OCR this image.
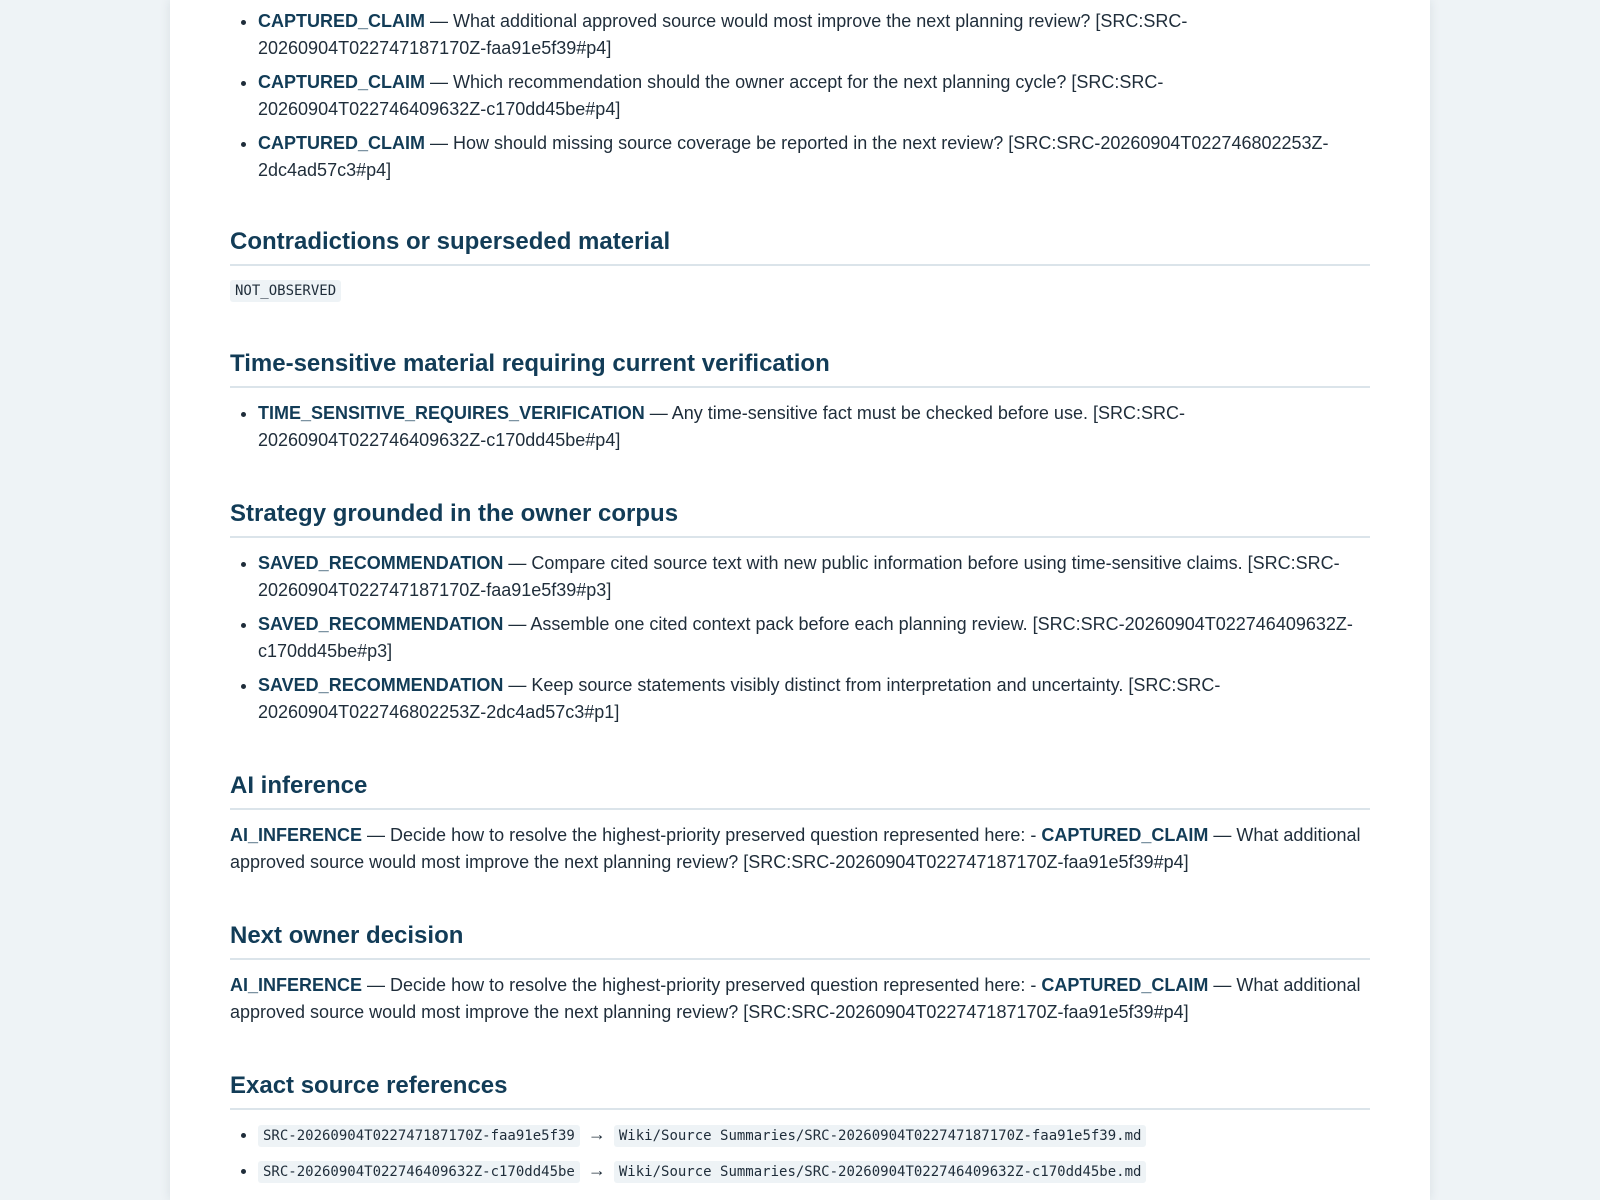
• CAPTURED_CLAIM — What additional approved source would most improve the next planning review? [SRC:SRC-20260904T022747187170Z-faa91e5f39#p4]
• CAPTURED_CLAIM — Which recommendation should the owner accept for the next planning cycle? [SRC:SRC-20260904T022746409632Z-c170dd45be#p4]
• CAPTURED_CLAIM — How should missing source coverage be reported in the next review? [SRC:SRC-20260904T022746802253Z-2dc4ad57c3#p4]
Contradictions or superseded material
NOT_OBSERVED
Time-sensitive material requiring current verification
• TIME_SENSITIVE_REQUIRES_VERIFICATION — Any time-sensitive fact must be checked before use. [SRC:SRC-20260904T022746409632Z-c170dd45be#p4]
Strategy grounded in the owner corpus
• SAVED_RECOMMENDATION — Compare cited source text with new public information before using time-sensitive claims. [SRC:SRC-20260904T022747187170Z-faa91e5f39#p3]
• SAVED_RECOMMENDATION — Assemble one cited context pack before each planning review. [SRC:SRC-20260904T022746409632Z-c170dd45be#p3]
• SAVED_RECOMMENDATION — Keep source statements visibly distinct from interpretation and uncertainty. [SRC:SRC-20260904T022746802253Z-2dc4ad57c3#p1]
AI inference

AI_INFERENCE — Decide how to resolve the highest-priority preserved question represented here: - CAPTURED_CLAIM — What additional approved source would most improve the next planning review? [SRC:SRC-20260904T022747187170Z-faa91e5f39#p4]

Next owner decision

AI_INFERENCE — Decide how to resolve the highest-priority preserved question represented here: - CAPTURED_CLAIM — What additional approved source would most improve the next planning review? [SRC:SRC-20260904T022747187170Z-faa91e5f39#p4]

Exact source references
• SRC-20260904T022747187170Z-faa91e5f39 → Wiki/Source Summaries/SRC-20260904T022747187170Z-faa91e5f39.md
• SRC-20260904T022746409632Z-c170dd45be → Wiki/Source Summaries/SRC-20260904T022746409632Z-c170dd45be.md
